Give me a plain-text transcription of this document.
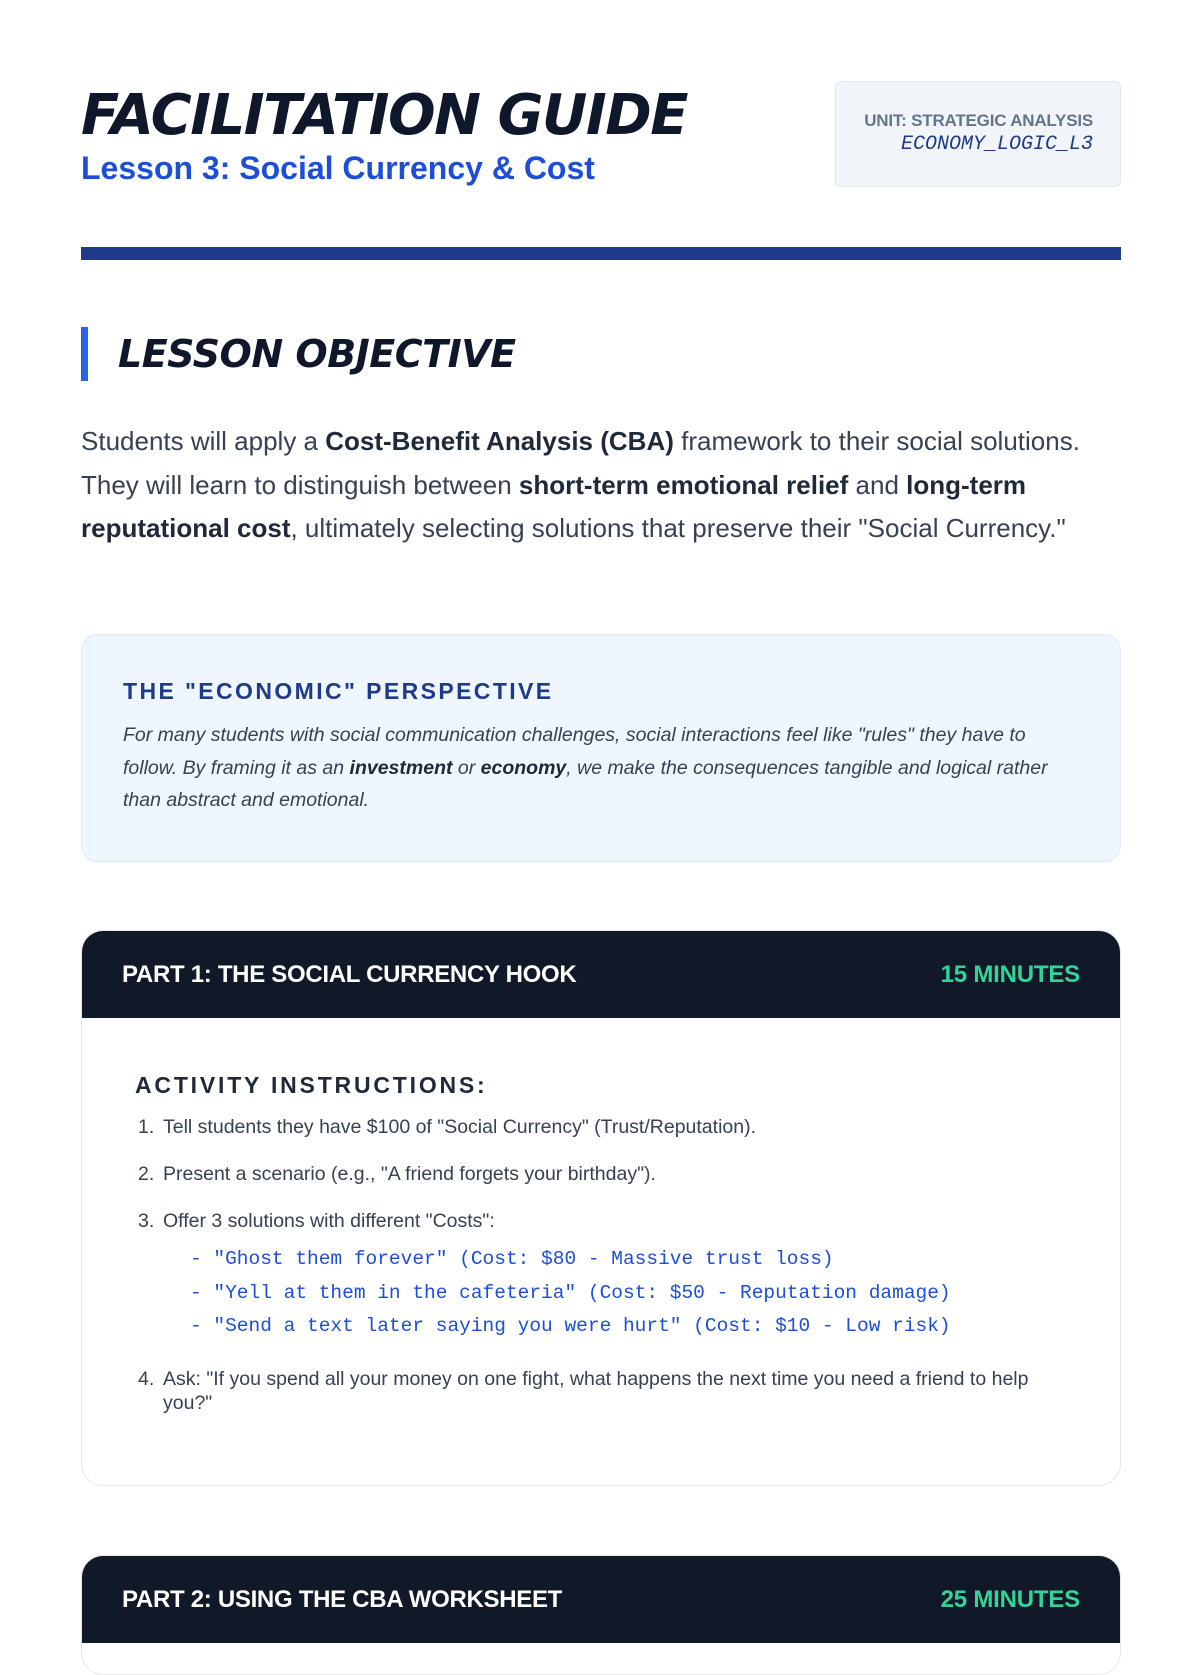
FACILITATION GUIDE
Lesson 3: Social Currency & Cost
UNIT: STRATEGIC ANALYSIS
ECONOMY_LOGIC_L3
LESSON OBJECTIVE

Students will apply a Cost-Benefit Analysis (CBA) framework to their social solutions. They will learn to distinguish between short-term emotional relief and long-term reputational cost, ultimately selecting solutions that preserve their "Social Currency."

THE "ECONOMIC" PERSPECTIVE

For many students with social communication challenges, social interactions feel like "rules" they have to follow. By framing it as an investment or economy, we make the consequences tangible and logical rather than abstract and emotional.

PART 1: THE SOCIAL CURRENCY HOOK	15 MINUTES
ACTIVITY INSTRUCTIONS:
1. Tell students they have $100 of "Social Currency" (Trust/Reputation).
2. Present a scenario (e.g., "A friend forgets your birthday").
3. Offer 3 solutions with different "Costs":
- "Ghost them forever" (Cost: $80 - Massive trust loss)
- "Yell at them in the cafeteria" (Cost: $50 - Reputation damage)
- "Send a text later saying you were hurt" (Cost: $10 - Low risk)
4. Ask: "If you spend all your money on one fight, what happens the next time you need a friend to help you?"
PART 2: USING THE CBA WORKSHEET	25 MINUTES
